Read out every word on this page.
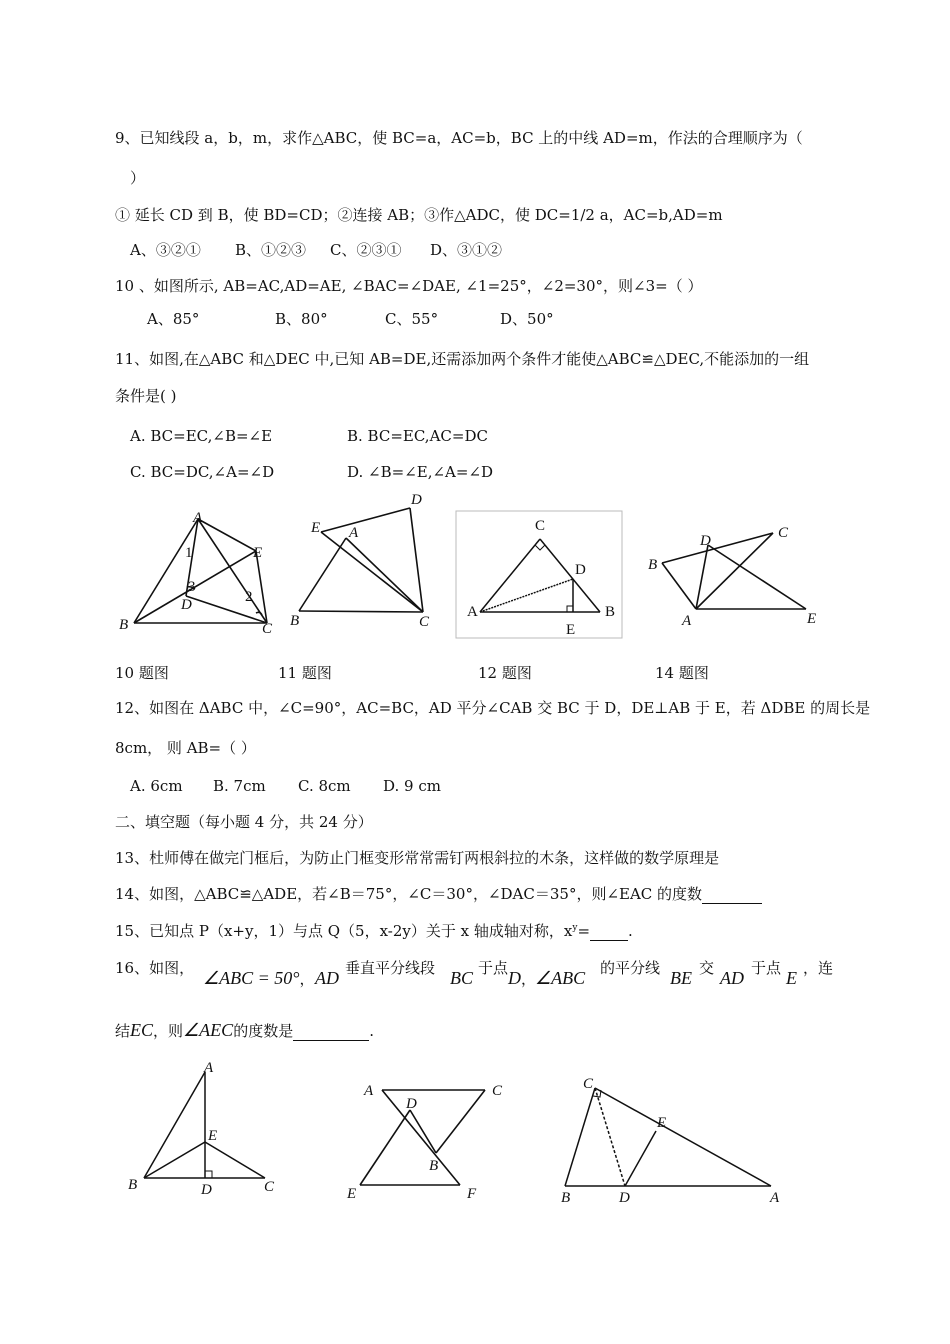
9、已知线段 a，b，m，求作△ABC，使 BC=a，AC=b，BC 上的中线 AD=m，作法的合理顺序为（
）
① 延长 CD 到 B，使 BD=CD；②连接 AB；③作△ADC，使 DC=1/2 a，AC=b,AD=m
A、③②① B、①②③ C、②③① D、③①②
10 、如图所示, AB=AC,AD=AE, ∠BAC=∠DAE, ∠1=25°，∠2=30°，则∠3=（ ）
A、85°	B、80°	C、55°	D、50°
11、如图,在△ABC 和△DEC 中,已知 AB=DE,还需添加两个条件才能使△ABC≌△DEC,不能添加的一组
条件是( )
A. BC=EC,∠B=∠E	B. BC=EC,AC=DC
C. BC=DC,∠A=∠D	D. ∠B=∠E,∠A=∠D
A
B	C
D
E
1
2
3
D
E A
B	C
C
D
A	B
E
C
D
B
A	E
10 题图	11 题图	12 题图	14 题图
12、如图在 ΔABC 中，∠C=90°，AC=BC，AD 平分∠CAB 交 BC 于 D，DE⊥AB 于 E，若 ΔDBE 的周长是
8cm， 则 AB=（ ）
A. 6cm B. 7cm C. 8cm D. 9 cm
二、填空题（每小题 4 分，共 24 分）
13、杜师傅在做完门框后，为防止门框变形常常需钉两根斜拉的木条，这样做的数学原理是
14、如图，△ABC≌△ADE，若∠B＝75°，∠C＝30°，∠DAC＝35°，则∠EAC 的度数
15、已知点 P（x+y，1）与点 Q（5，x-2y）关于 x 轴成轴对称，$x^y=$	.
16、如图， ∠ABC = 50°， AD 垂直平分线段 BC 于点 D，
∠ABC 的平分线 BE 交 AD 于点 E ，连
结EC，则∠AEC的度数是	.
A
E
B	D	C
A	C
D
B
E	F
C
E
B	D	A
